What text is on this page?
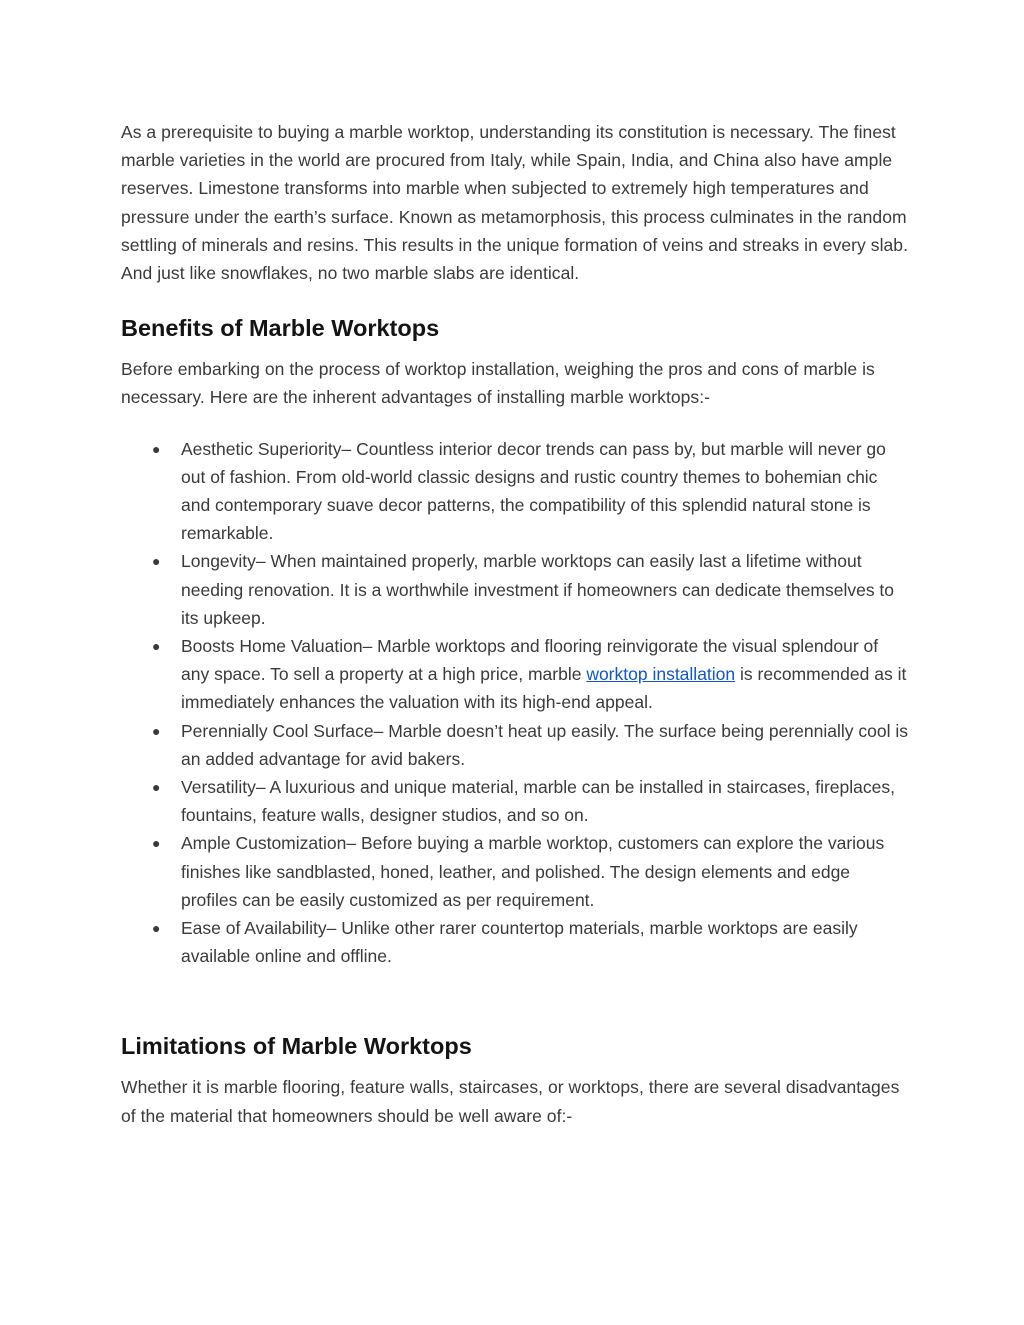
As a prerequisite to buying a marble worktop, understanding its constitution is necessary. The finest marble varieties in the world are procured from Italy, while Spain, India, and China also have ample reserves. Limestone transforms into marble when subjected to extremely high temperatures and pressure under the earth’s surface. Known as metamorphosis, this process culminates in the random settling of minerals and resins. This results in the unique formation of veins and streaks in every slab. And just like snowflakes, no two marble slabs are identical.

Benefits of Marble Worktops

Before embarking on the process of worktop installation, weighing the pros and cons of marble is necessary. Here are the inherent advantages of installing marble worktops:-

● Aesthetic Superiority– Countless interior decor trends can pass by, but marble will never go out of fashion. From old-world classic designs and rustic country themes to bohemian chic and contemporary suave decor patterns, the compatibility of this splendid natural stone is remarkable.
● Longevity– When maintained properly, marble worktops can easily last a lifetime without needing renovation. It is a worthwhile investment if homeowners can dedicate themselves to its upkeep.
● Boosts Home Valuation– Marble worktops and flooring reinvigorate the visual splendour of any space. To sell a property at a high price, marble worktop installation is recommended as it immediately enhances the valuation with its high-end appeal.
● Perennially Cool Surface– Marble doesn’t heat up easily. The surface being perennially cool is an added advantage for avid bakers.
● Versatility– A luxurious and unique material, marble can be installed in staircases, fireplaces, fountains, feature walls, designer studios, and so on.
● Ample Customization– Before buying a marble worktop, customers can explore the various finishes like sandblasted, honed, leather, and polished. The design elements and edge profiles can be easily customized as per requirement.
● Ease of Availability– Unlike other rarer countertop materials, marble worktops are easily available online and offline.
Limitations of Marble Worktops

Whether it is marble flooring, feature walls, staircases, or worktops, there are several disadvantages of the material that homeowners should be well aware of:-
